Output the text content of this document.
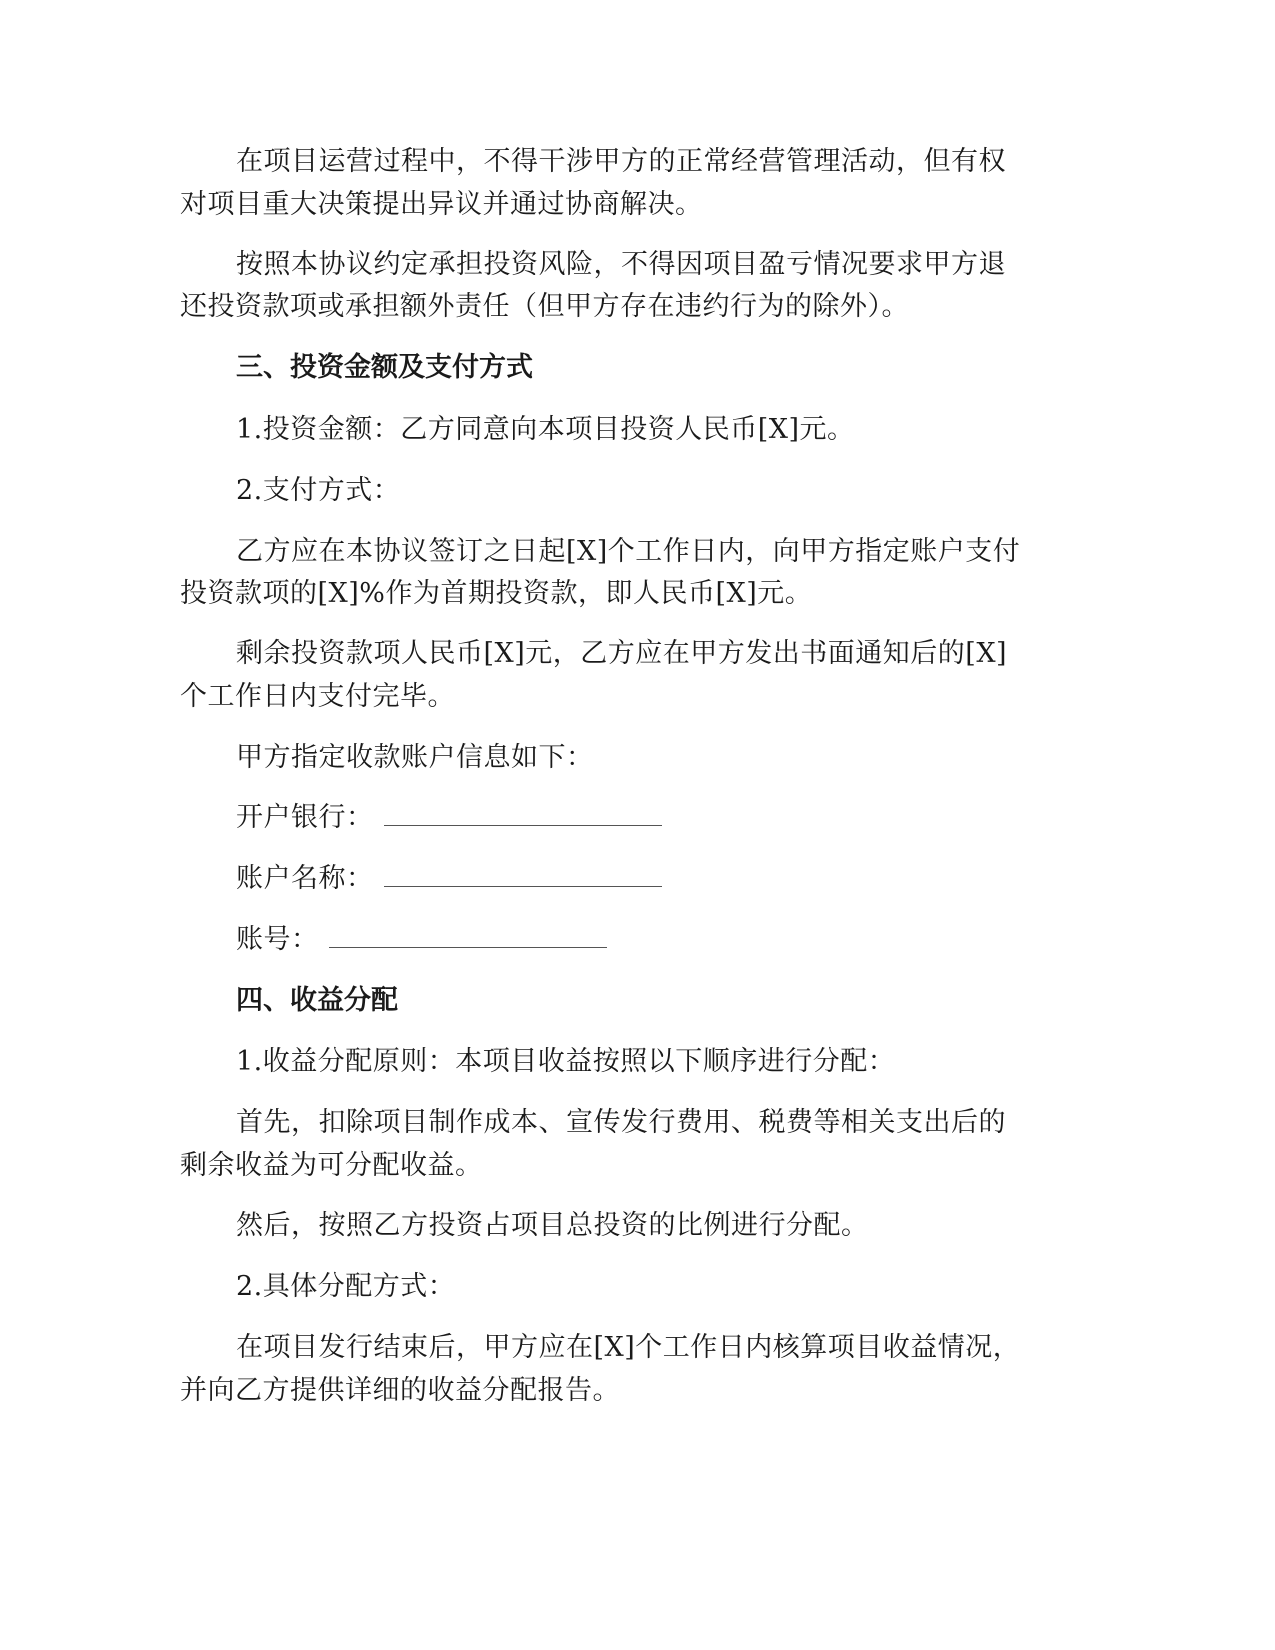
在项目运营过程中，不得干涉甲方的正常经营管理活动，但有权
对项目重大决策提出异议并通过协商解决。
按照本协议约定承担投资风险，不得因项目盈亏情况要求甲方退
还投资款项或承担额外责任（但甲方存在违约行为的除外）。
三、投资金额及支付方式
1.投资金额：乙方同意向本项目投资人民币[X]元。
2.支付方式：
乙方应在本协议签订之日起[X]个工作日内，向甲方指定账户支付
投资款项的[X]%作为首期投资款，即人民币[X]元。
剩余投资款项人民币[X]元，乙方应在甲方发出书面通知后的[X]
个工作日内支付完毕。
甲方指定收款账户信息如下：
开户银行：
账户名称：
账号：
四、收益分配
1.收益分配原则：本项目收益按照以下顺序进行分配：
首先，扣除项目制作成本、宣传发行费用、税费等相关支出后的
剩余收益为可分配收益。
然后，按照乙方投资占项目总投资的比例进行分配。
2.具体分配方式：
在项目发行结束后，甲方应在[X]个工作日内核算项目收益情况，
并向乙方提供详细的收益分配报告。
